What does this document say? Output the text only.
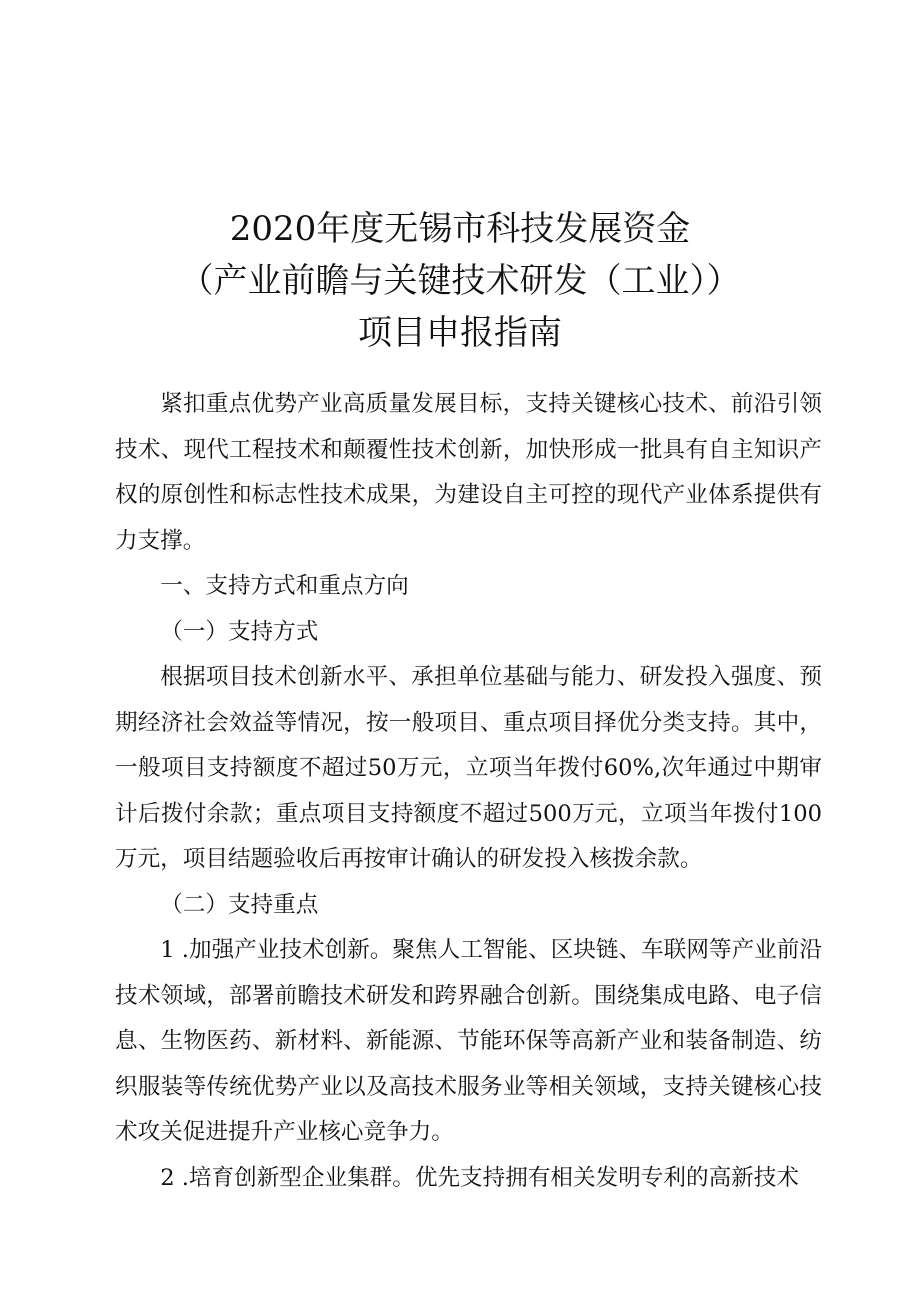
2020年度无锡市科技发展资金
（产业前瞻与关键技术研发（工业））
项目申报指南

紧扣重点优势产业高质量发展目标，支持关键核心技术、前沿引领技术、现代工程技术和颠覆性技术创新，加快形成一批具有自主知识产权的原创性和标志性技术成果，为建设自主可控的现代产业体系提供有力支撑。

一、支持方式和重点方向

（一）支持方式

根据项目技术创新水平、承担单位基础与能力、研发投入强度、预期经济社会效益等情况，按一般项目、重点项目择优分类支持。其中，一般项目支持额度不超过50万元，立项当年拨付60%,次年通过中期审计后拨付余款；重点项目支持额度不超过500万元，立项当年拨付100万元，项目结题验收后再按审计确认的研发投入核拨余款。

（二）支持重点

1 .加强产业技术创新。聚焦人工智能、区块链、车联网等产业前沿技术领域，部署前瞻技术研发和跨界融合创新。围绕集成电路、电子信息、生物医药、新材料、新能源、节能环保等高新产业和装备制造、纺织服装等传统优势产业以及高技术服务业等相关领域，支持关键核心技术攻关促进提升产业核心竞争力。

2 .培育创新型企业集群。优先支持拥有相关发明专利的高新技术
